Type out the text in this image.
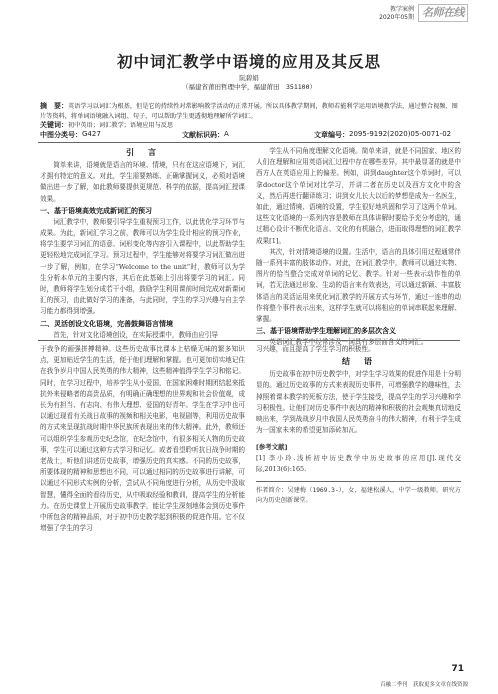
教学案例
2020年05期 名师在线
初中词汇教学中语境的应用及其反思
阮碧娟
（福建省莆田哲理中学，福建莆田　351100）
摘　要：英语学习以词汇为根基，但是它的持续性对常影响教学活动的正常开展。所以具体教学期间，教师若能利学运用语境教学法，通过整合视频、图片等资料，将单词语境融入词组、句子，可以帮助学生更透彻地理解所学词汇。
关键词：初中英语；词汇教学；语境应用与反思
中图分类号： G427	文献标识码： A	文章编号： 2095-9192(2020)05-0071-02
引　言

简单来讲，语境就是语言的环境、情境，只有在这应语境下，词汇才拥有特定的意义。对此，学生需要熟练、正确掌握词义，必须对语境做出进一步了解，如此教师要提供更规范、科学的依据，提高词汇授课效果。

一、基于语境高效完成新词汇的预习

词汇教学中，教师要引导学生重视预习工作，以此优化学习环节与成果。为此，新词汇学习之前，教师可以为学生设计相应的预习作业，将学生要学习词汇的语意、词形变化等内容引入课程中，以此帮助学生更轻松地完成词汇学习。预习过程中，学生能够对将要学习词汇做出进一步了解，例如，在学习“Welcome to the unit”时，教师可以为学生分析本单元的主要内容，其后在此基础上引出将要学习的词汇。同时，教师将学生划分成若干小组，鼓励学生利用课前时间完成对新课词汇的预习，由此做好学习的准备，与此同时，学生的学习兴趣与自主学习能力都得到增强。

二、灵活创设文化语境，完善鼓舞语言情境

首先，针对文化语境创设，在实际授课中，教师由应引导

学生从不同角度理解文化语境。简单来讲，就是不同国家、地区的人们在理解和应用英语词汇过程中存在哪些差异，其中最显著的就是中西方人在英语应用上的偏差。例如，讲到daughter这个单词时，可以拿doctor这个单词对比学习，并讲二者在历史以及西方文化中的含义，然后再进行翻译练习；讲到女儿长大以后的梦想是成为一名医生，如此，通过情境、语境的设置，学生很好地巩固和学习了这两个单词。这些文化语境的一系列内容是教师在具体讲解时要给予充分考虑的，通过精心设计不断优化语言、文化的有机融合，进而取得理想的词汇教学成果[1]。

其次，针对情境语境的设置。生活中，语言的具体引用过程通常伴随一系列丰富的肢体动作。对此，在词汇教学中，教师可以通过实物、图片的恰当整合完成对单词的记忆、教学。针对一些表示动作性的单词，若无法通过形象、生动的语言来有效表达，可以通过新颖、丰富肢体语言的灵活运用来优化词汇教学的开展方式与环节，通过一连串的动作将整个事件表示出来，这样学生就可以将相应的单词串联起来理解、掌握。

三、基于语境帮助学生理解词汇的多层次含义

英语词汇教学中经常涉及一词具有多层面含义的词汇。

于我争的画强拼搏精神。这些历史故事比课本上枯燥无味的繁多知识点，更加贴近学生的生活，便于他们理解和掌握。也可更加切实地记住在我争岁月中国人民英勇的伟大精神，这些精神值得学生学习和铭记。同时，在学习过程中，培养学生从小爱国，在国家困难时期团结起来抵抗外来侵略者的高贵品质，有明确正确理想的世界观和社会价值观，成长为有担当、有志向、有伟大理想、爱国的好青年。学生在学习中也可以通过现看有关战日故事的视频和相关电影，电视剧等，利用历史故事的方式来呈现抗战时期中华民族所表现出来的伟大精神。此外，教师还可以组织学生参观历史纪念馆，在纪念馆中，有很多相关人物的历史故事，学生可以通过这种方式学习和记忆。或者看望聆听抗日战争时期的老战士，听他们讲述历史故事，增强历史的真实感。不同的历史故事，所要体现的精神和思想也不同，可以通过相同的历史故事进行讲解，可以通过不同形式实例的分析，尝试从不同角度进行分析，从历史中汲取智慧，懂得全面的看待历史，从中吸取经验和教训，提高学生的分析能力。在历史课堂上开展历史故事教学，能让学生深刻地体会到历史事件中所包含的精神品质，对于初中历史教学起到积极的促进作用。它不仅增强了学生的学习

习兴趣，而且提高了学生学习的积极性。

结　语

历史故事在初中历史教学中，对学生学习效果的促进作用是十分明显的。通过历史故事的方式来表现历史事件，可增强教学的趣味性，去掉照着课本教学的死板方法，使于学生接受，提高学生的学习兴趣和学习积极性。让他们对历史事件中表达的精神和积极的社会观集真切地反映出来，学到战战岁月中我国人民英勇奋斗的伟大精神，有利于学生成为一国家未来的希望更加添砖加瓦。

[参考文献]
[1] 李小玲.浅析初中历史教学中历史故事的应用[J].现代交际,2013(6):165.
作者简介：吴建梅（1969.3-），女，福建松溪人，中学一级教师，研究方向为历史创新课堂。
71
百融二季刊　获取更多文章在线资源
